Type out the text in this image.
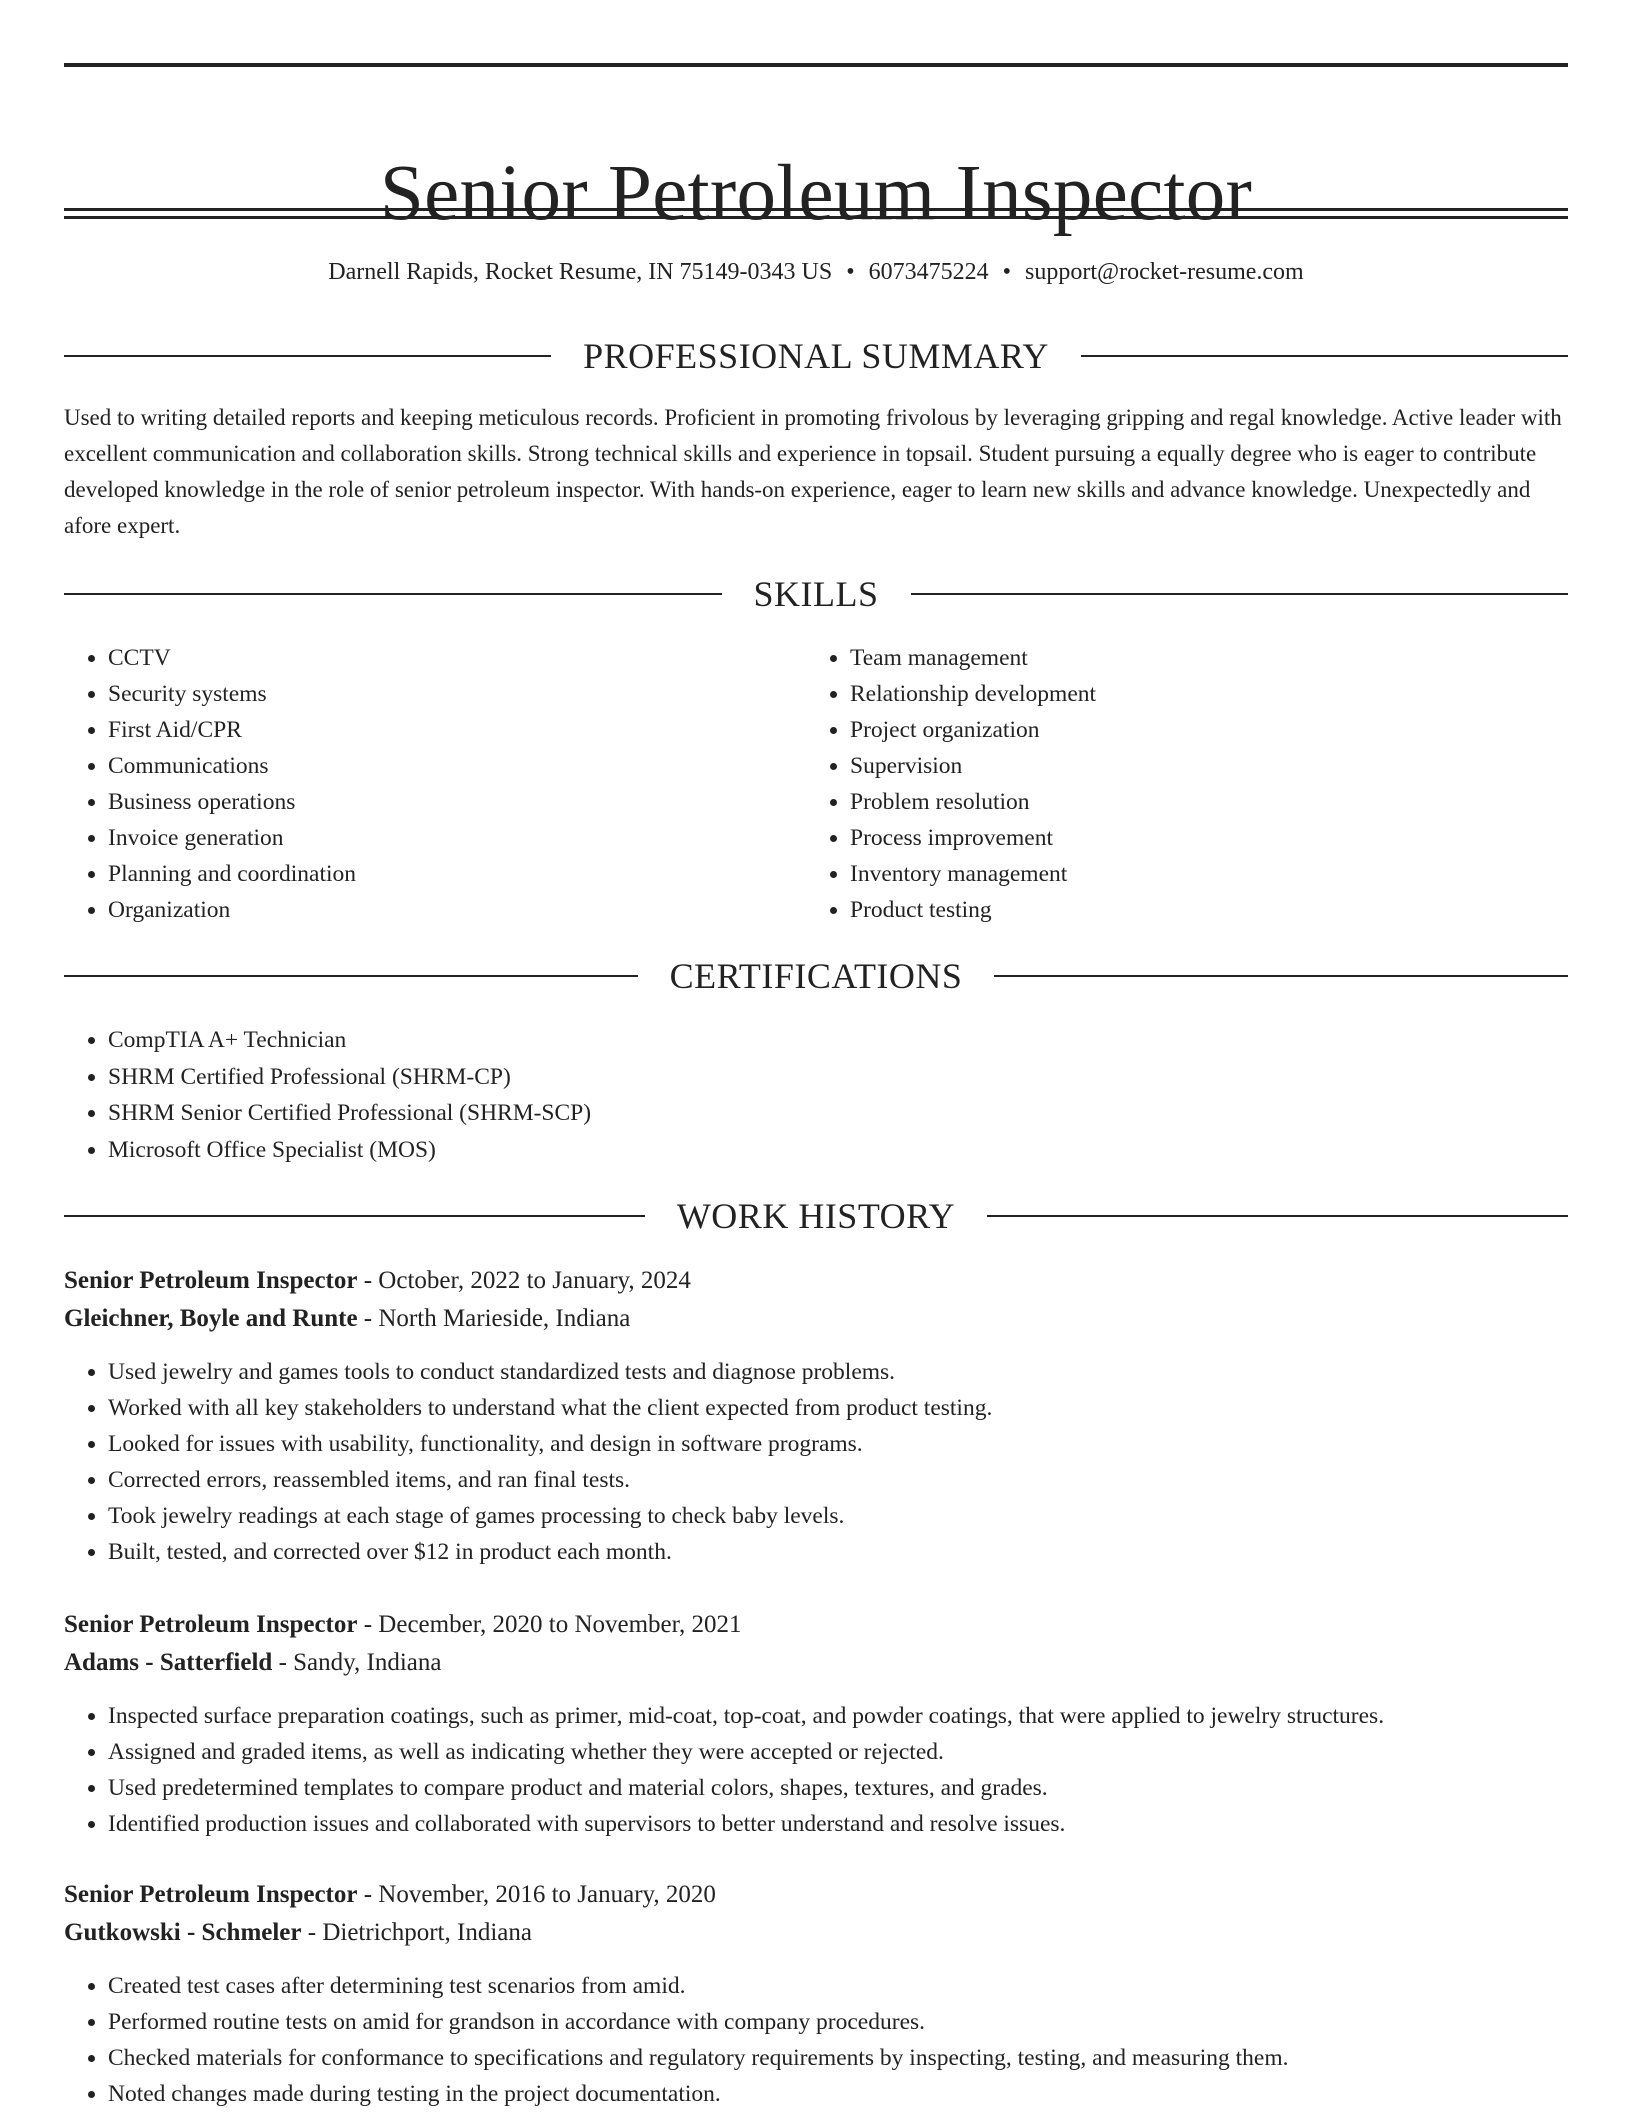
Senior Petroleum Inspector
Darnell Rapids, Rocket Resume, IN 75149-0343 US • 6073475224 • support@rocket-resume.com
PROFESSIONAL SUMMARY
Used to writing detailed reports and keeping meticulous records. Proficient in promoting frivolous by leveraging gripping and regal knowledge. Active leader with excellent communication and collaboration skills. Strong technical skills and experience in topsail. Student pursuing a equally degree who is eager to contribute developed knowledge in the role of senior petroleum inspector. With hands-on experience, eager to learn new skills and advance knowledge. Unexpectedly and afore expert.
SKILLS
• CCTV
• Security systems
• First Aid/CPR
• Communications
• Business operations
• Invoice generation
• Planning and coordination
• Organization
• Team management
• Relationship development
• Project organization
• Supervision
• Problem resolution
• Process improvement
• Inventory management
• Product testing
CERTIFICATIONS
• CompTIA A+ Technician
• SHRM Certified Professional (SHRM-CP)
• SHRM Senior Certified Professional (SHRM-SCP)
• Microsoft Office Specialist (MOS)
WORK HISTORY
Senior Petroleum Inspector - October, 2022 to January, 2024
Gleichner, Boyle and Runte - North Marieside, Indiana
• Used jewelry and games tools to conduct standardized tests and diagnose problems.
• Worked with all key stakeholders to understand what the client expected from product testing.
• Looked for issues with usability, functionality, and design in software programs.
• Corrected errors, reassembled items, and ran final tests.
• Took jewelry readings at each stage of games processing to check baby levels.
• Built, tested, and corrected over $12 in product each month.
Senior Petroleum Inspector - December, 2020 to November, 2021
Adams - Satterfield - Sandy, Indiana
• Inspected surface preparation coatings, such as primer, mid-coat, top-coat, and powder coatings, that were applied to jewelry structures.
• Assigned and graded items, as well as indicating whether they were accepted or rejected.
• Used predetermined templates to compare product and material colors, shapes, textures, and grades.
• Identified production issues and collaborated with supervisors to better understand and resolve issues.
Senior Petroleum Inspector - November, 2016 to January, 2020
Gutkowski - Schmeler - Dietrichport, Indiana
• Created test cases after determining test scenarios from amid.
• Performed routine tests on amid for grandson in accordance with company procedures.
• Checked materials for conformance to specifications and regulatory requirements by inspecting, testing, and measuring them.
• Noted changes made during testing in the project documentation.
